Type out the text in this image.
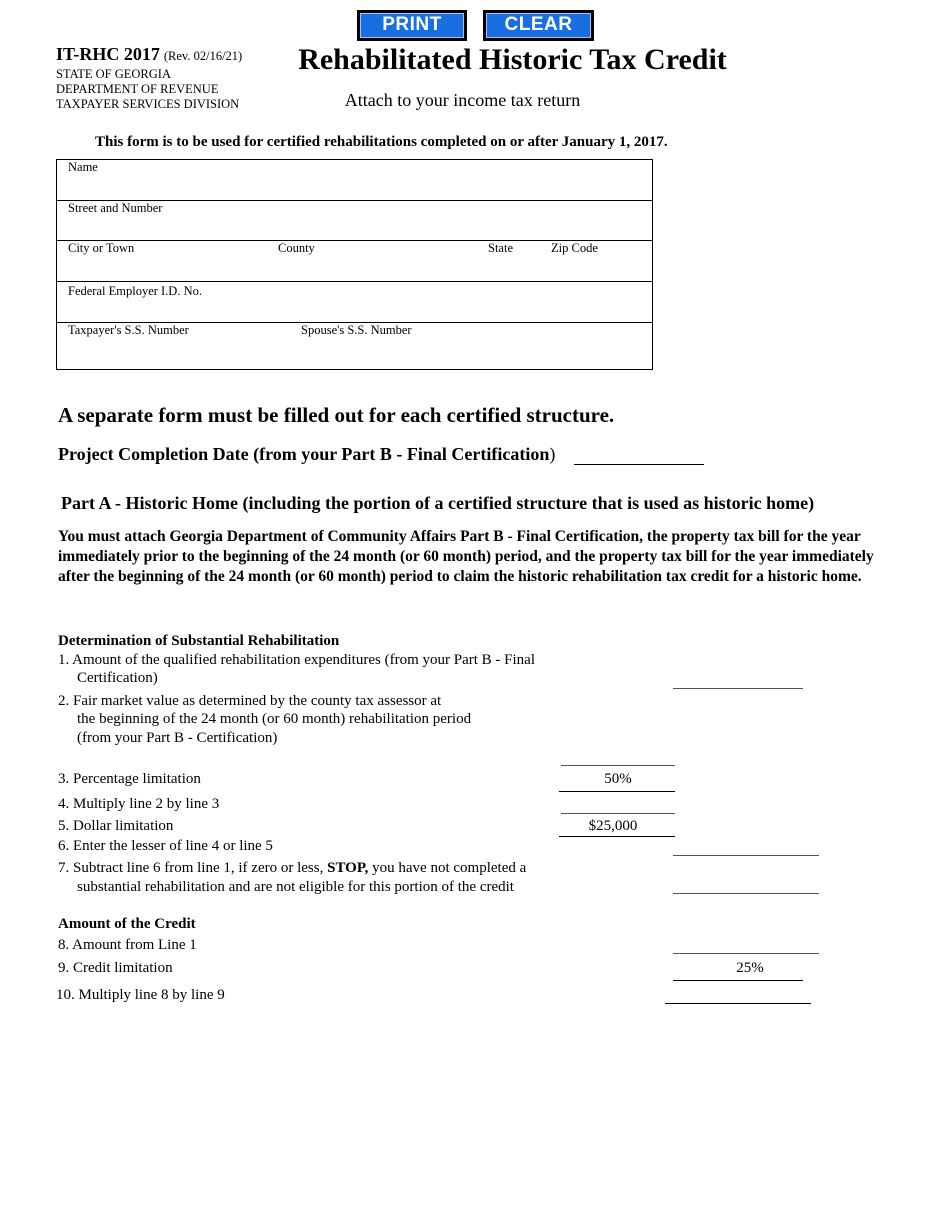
PRINT	CLEAR
IT-RHC 2017 (Rev. 02/16/21)
STATE OF GEORGIA
DEPARTMENT OF REVENUE
TAXPAYER SERVICES DIVISION
Rehabilitated Historic Tax Credit
Attach to your income tax return
This form is to be used for certified rehabilitations completed on or after January 1, 2017.
Name
Street and Number
City or Town	County	State	Zip Code
Federal Employer I.D. No.
Taxpayer's S.S. Number	Spouse's S.S. Number
A separate form must be filled out for each certified structure.
Project Completion Date (from your Part B - Final Certification)
Part A - Historic Home (including the portion of a certified structure that is used as historic home)
You must attach Georgia Department of Community Affairs Part B - Final Certification, the property tax bill for the year immediately prior to the beginning of the 24 month (or 60 month) period, and the property tax bill for the year immediately after the beginning of the 24 month (or 60 month) period to claim the historic rehabilitation tax credit for a historic home.
Determination of Substantial Rehabilitation
1. Amount of the qualified rehabilitation expenditures (from your Part B - Final
Certification)
2. Fair market value as determined by the county tax assessor at
the beginning of the 24 month (or 60 month) rehabilitation period
(from your Part B - Certification)
3. Percentage limitation	50%
4. Multiply line 2 by line 3
5. Dollar limitation	$25,000
6. Enter the lesser of line 4 or line 5
7. Subtract line 6 from line 1, if zero or less, STOP, you have not completed a
substantial rehabilitation and are not eligible for this portion of the credit
Amount of the Credit
8. Amount from Line 1
9. Credit limitation	25%
10. Multiply line 8 by line 9
